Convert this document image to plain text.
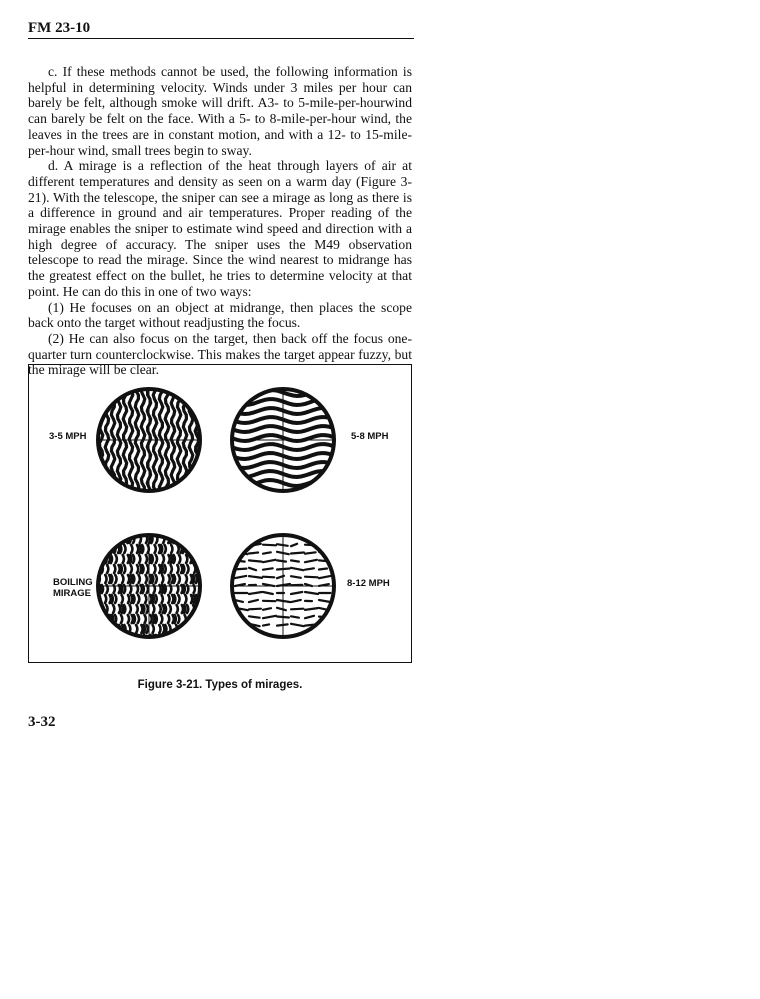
FM 23-10

c. If these methods cannot be used, the following information is helpful in determining velocity. Winds under 3 miles per hour can barely be felt, although smoke will drift. A3- to 5-mile-per-hourwind can barely be felt on the face. With a 5- to 8-mile-per-hour wind, the leaves in the trees are in constant motion, and with a 12- to 15-mile-per-hour wind, small trees begin to sway.

d. A mirage is a reflection of the heat through layers of air at different temperatures and density as seen on a warm day (Figure 3-21). With the telescope, the sniper can see a mirage as long as there is a difference in ground and air temperatures. Proper reading of the mirage enables the sniper to estimate wind speed and direction with a high degree of accuracy. The sniper uses the M49 observation telescope to read the mirage. Since the wind nearest to midrange has the greatest effect on the bullet, he tries to determine velocity at that point. He can do this in one of two ways:

(1) He focuses on an object at midrange, then places the scope back onto the target without readjusting the focus.

(2) He can also focus on the target, then back off the focus one-quarter turn counterclockwise. This makes the target appear fuzzy, but the mirage will be clear.

3-5 MPH	5-8 MPH
BOILING
MIRAGE
8-12 MPH
Figure 3-21. Types of mirages.
3-32
